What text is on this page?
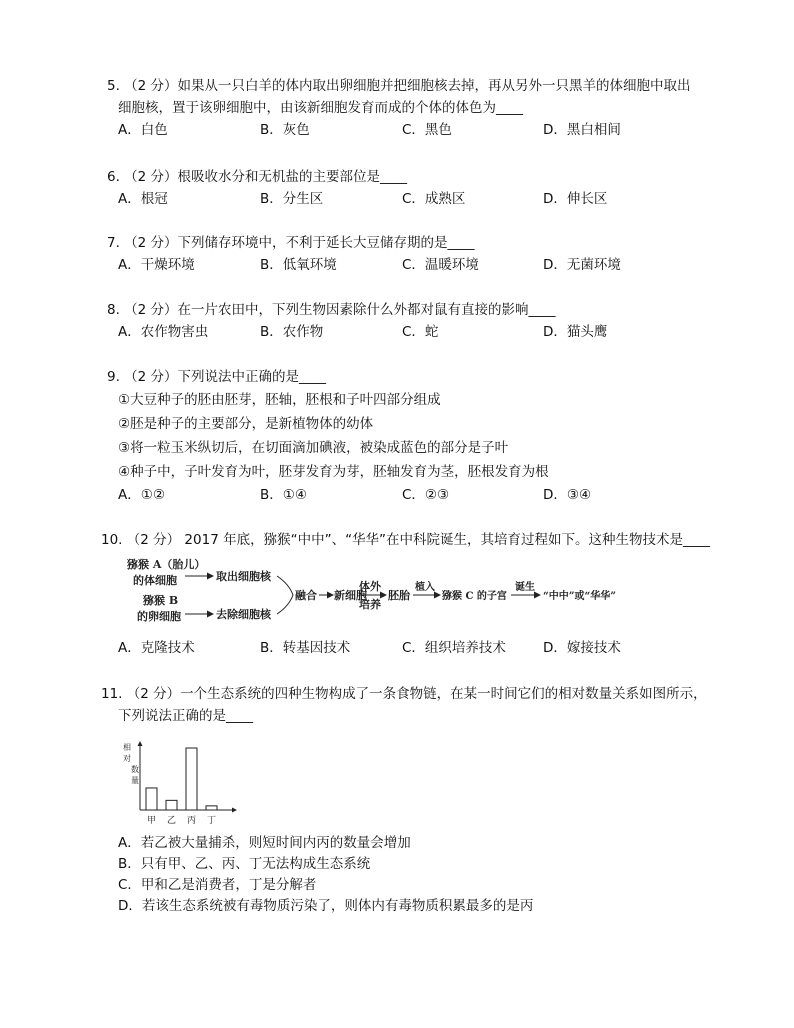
5. （2 分）如果从一只白羊的体内取出卵细胞并把细胞核去掉，再从另外一只黑羊的体细胞中取出
细胞核，置于该卵细胞中，由该新细胞发育而成的个体的体色为____
A．白色	B．灰色	C．黑色	D．黑白相间
6. （2 分）根吸收水分和无机盐的主要部位是____
A．根冠	B．分生区	C．成熟区	D．伸长区
7. （2 分）下列储存环境中，不利于延长大豆储存期的是____
A．干燥环境	B．低氧环境	C．温暖环境	D．无菌环境
8. （2 分）在一片农田中，下列生物因素除什么外都对鼠有直接的影响____
A．农作物害虫	B．农作物	C．蛇	D．猫头鹰
9. （2 分）下列说法中正确的是____
①大豆种子的胚由胚芽，胚轴，胚根和子叶四部分组成
②胚是种子的主要部分，是新植物体的幼体
③将一粒玉米纵切后，在切面滴加碘液，被染成蓝色的部分是子叶
④种子中，子叶发育为叶，胚芽发育为芽，胚轴发育为茎，胚根发育为根
A．①②	B．①④	C．②③	D．③④
10. （2 分） 2017 年底，猕猴“中中”、“华华”在中科院诞生，其培育过程如下。这种生物技术是____
猕猴 A（胎儿）
的体细胞
猕猴 B
的卵细胞
取出细胞核
去除细胞核
融合 新细胞
体外
培养
胚胎
植入
猕猴 C 的子宫
诞生
“中中”或“华华”
A．克隆技术	B．转基因技术	C．组织培养技术	D．嫁接技术
11. （2 分）一个生态系统的四种生物构成了一条食物链，在某一时间它们的相对数量关系如图所示，
下列说法正确的是____
相
对
数
量
甲 乙 丙 丁
A．若乙被大量捕杀，则短时间内丙的数量会增加
B．只有甲、乙、丙、丁无法构成生态系统
C．甲和乙是消费者，丁是分解者
D．若该生态系统被有毒物质污染了，则体内有毒物质积累最多的是丙
